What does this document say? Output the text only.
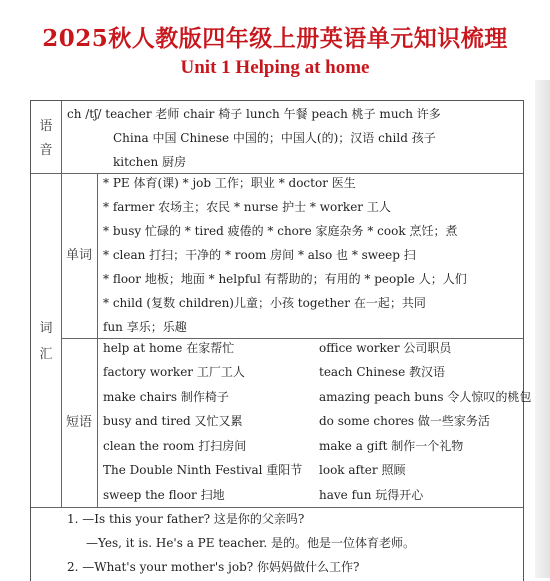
2025秋人教版四年级上册英语单元知识梳理
Unit 1 Helping at home
语
音
ch /tʃ/ teacher 老师 chair 椅子 lunch 午餐 peach 桃子 much 许多
China 中国 Chinese 中国的；中国人(的)；汉语 child 孩子
kitchen 厨房
词
汇
单词
* PE 体育(课) * job 工作；职业 * doctor 医生
* farmer 农场主；农民 * nurse 护士 * worker 工人
* busy 忙碌的 * tired 疲倦的 * chore 家庭杂务 * cook 烹饪；煮
* clean 打扫；干净的 * room 房间 * also 也 * sweep 扫
* floor 地板；地面 * helpful 有帮助的；有用的 * people 人；人们
* child (复数 children)儿童；小孩 together 在一起；共同
fun 享乐；乐趣
短语
help at home 在家帮忙
factory worker 工厂工人
make chairs 制作椅子
busy and tired 又忙又累
clean the room 打扫房间
The Double Ninth Festival 重阳节
sweep the floor 扫地
office worker 公司职员
teach Chinese 教汉语
amazing peach buns 令人惊叹的桃包
do some chores 做一些家务活
make a gift 制作一个礼物
look after 照顾
have fun 玩得开心
1. —Is this your father? 这是你的父亲吗?
—Yes, it is. He's a PE teacher. 是的。他是一位体育老师。
2. —What's your mother's job? 你妈妈做什么工作?
